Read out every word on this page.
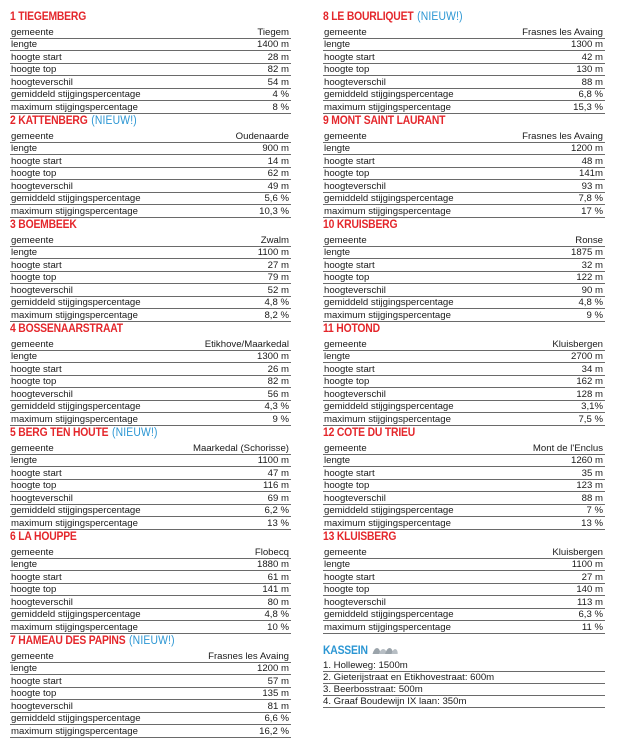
1 TIEGEMBERG
gemeente	Tiegem
lengte	1400 m
hoogte start	28 m
hoogte top	82 m
hoogteverschil	54 m
gemiddeld stijgingspercentage	4 %
maximum stijgingspercentage	8 %
2 KATTENBERG (NIEUW!)
gemeente	Oudenaarde
lengte	900 m
hoogte start	14 m
hoogte top	62 m
hoogteverschil	49 m
gemiddeld stijgingspercentage	5,6 %
maximum stijgingspercentage	10,3 %
3 BOEMBEEK
gemeente	Zwalm
lengte	1100 m
hoogte start	27 m
hoogte top	79 m
hoogteverschil	52 m
gemiddeld stijgingspercentage	4,8 %
maximum stijgingspercentage	8,2 %
4 BOSSENAARSTRAAT
gemeente	Etikhove/Maarkedal
lengte	1300 m
hoogte start	26 m
hoogte top	82 m
hoogteverschil	56 m
gemiddeld stijgingspercentage	4,3 %
maximum stijgingspercentage	9 %
5 BERG TEN HOUTE (NIEUW!)
gemeente	Maarkedal (Schorisse)
lengte	1100 m
hoogte start	47 m
hoogte top	116 m
hoogteverschil	69 m
gemiddeld stijgingspercentage	6,2 %
maximum stijgingspercentage	13 %
6 LA HOUPPE
gemeente	Flobecq
lengte	1880 m
hoogte start	61 m
hoogte top	141 m
hoogteverschil	80 m
gemiddeld stijgingspercentage	4,8 %
maximum stijgingspercentage	10 %
7 HAMEAU DES PAPINS (NIEUW!)
gemeente	Frasnes les Avaing
lengte	1200 m
hoogte start	57 m
hoogte top	135 m
hoogteverschil	81 m
gemiddeld stijgingspercentage	6,6 %
maximum stijgingspercentage	16,2 %
8 LE BOURLIQUET (NIEUW!)
gemeente	Frasnes les Avaing
lengte	1300 m
hoogte start	42 m
hoogte top	130 m
hoogteverschil	88 m
gemiddeld stijgingspercentage	6,8 %
maximum stijgingspercentage	15,3 %
9 MONT SAINT LAURANT
gemeente	Frasnes les Avaing
lengte	1200 m
hoogte start	48 m
hoogte top	141m
hoogteverschil	93 m
gemiddeld stijgingspercentage	7,8 %
maximum stijgingspercentage	17 %
10 KRUISBERG
gemeente	Ronse
lengte	1875 m
hoogte start	32 m
hoogte top	122 m
hoogteverschil	90 m
gemiddeld stijgingspercentage	4,8 %
maximum stijgingspercentage	9 %
11 HOTOND
gemeente	Kluisbergen
lengte	2700 m
hoogte start	34 m
hoogte top	162 m
hoogteverschil	128 m
gemiddeld stijgingspercentage	3,1%
maximum stijgingspercentage	7,5 %
12 COTE DU TRIEU
gemeente	Mont de l'Enclus
lengte	1260 m
hoogte start	35 m
hoogte top	123 m
hoogteverschil	88 m
gemiddeld stijgingspercentage	7 %
maximum stijgingspercentage	13 %
13 KLUISBERG
gemeente	Kluisbergen
lengte	1100 m
hoogte start	27 m
hoogte top	140 m
hoogteverschil	113 m
gemiddeld stijgingspercentage	6,3 %
maximum stijgingspercentage	11 %
KASSEIN
1. Holleweg: 1500m
2. Gieterijstraat en Etikhovestraat: 600m
3. Beerbosstraat: 500m
4. Graaf Boudewijn IX laan: 350m
